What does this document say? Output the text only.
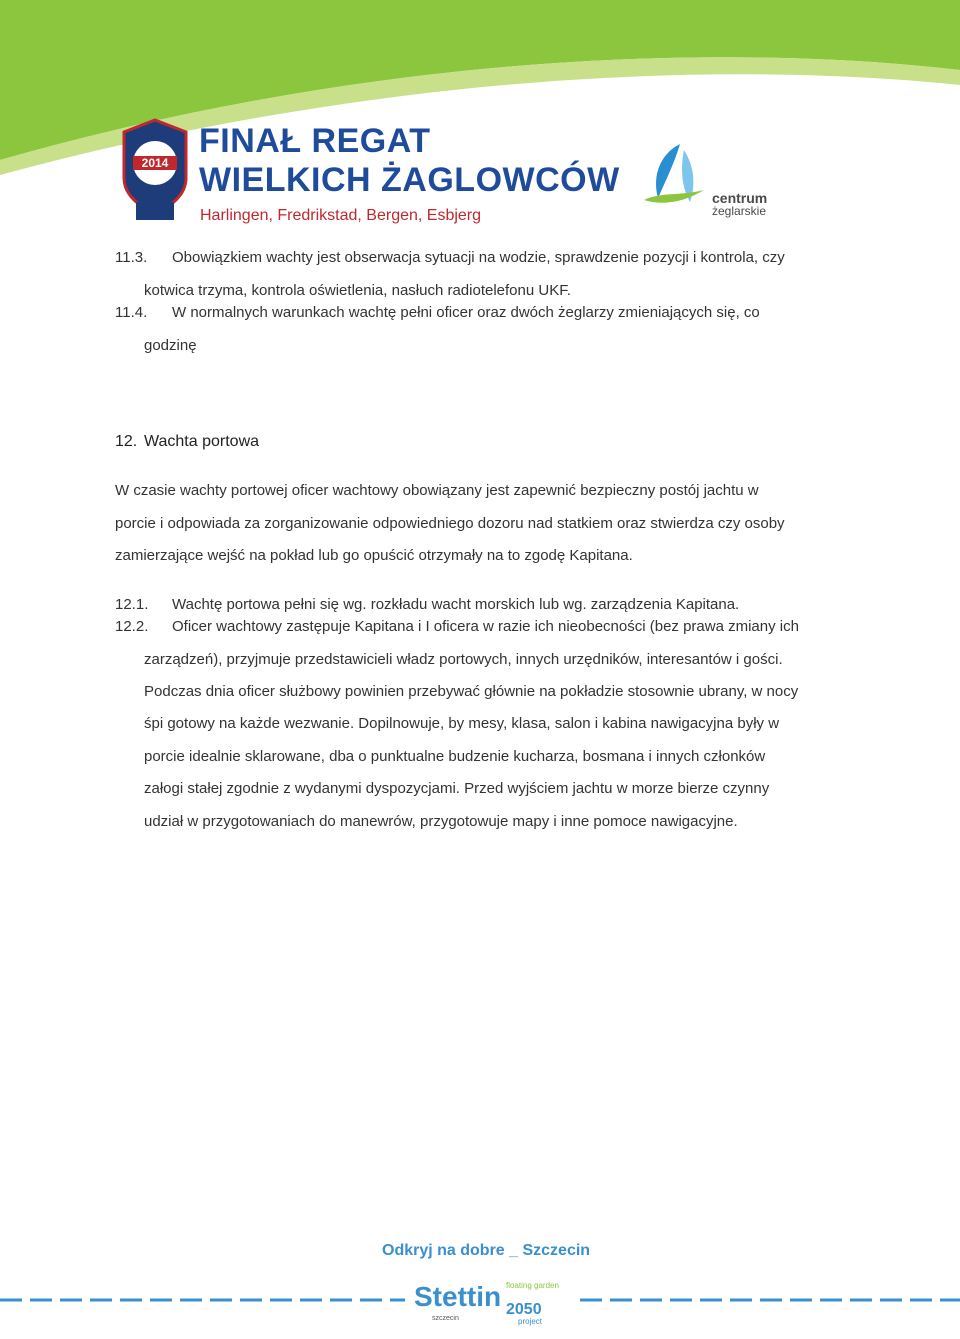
2014
FINAŁ REGAT
WIELKICH ŻAGLOWCÓW
Harlingen, Fredrikstad, Bergen, Esbjerg
centrum
żeglarskie
11.3. Obowiązkiem wachty jest obserwacja sytuacji na wodzie, sprawdzenie pozycji i kontrola, czy
kotwica trzyma, kontrola oświetlenia, nasłuch radiotelefonu UKF.
11.4. W normalnych warunkach wachtę pełni oficer oraz dwóch żeglarzy zmieniających się, co
godzinę
12. Wachta portowa
W czasie wachty portowej oficer wachtowy obowiązany jest zapewnić bezpieczny postój jachtu w
porcie i odpowiada za zorganizowanie odpowiedniego dozoru nad statkiem oraz stwierdza czy osoby
zamierzające wejść na pokład lub go opuścić otrzymały na to zgodę Kapitana.
12.1. Wachtę portowa pełni się wg. rozkładu wacht morskich lub wg. zarządzenia Kapitana.
12.2. Oficer wachtowy zastępuje Kapitana i I oficera w razie ich nieobecności (bez prawa zmiany ich
zarządzeń), przyjmuje przedstawicieli władz portowych, innych urzędników, interesantów i gości.
Podczas dnia oficer służbowy powinien przebywać głównie na pokładzie stosownie ubrany, w nocy
śpi gotowy na każde wezwanie. Dopilnowuje, by mesy, klasa, salon i kabina nawigacyjna były w
porcie idealnie sklarowane, dba o punktualne budzenie kucharza, bosmana i innych członków
załogi stałej zgodnie z wydanymi dyspozycjami. Przed wyjściem jachtu w morze bierze czynny
udział w przygotowaniach do manewrów, przygotowuje mapy i inne pomoce nawigacyjne.
Odkryj na dobre _ Szczecin
Stettin 2050
floating garden
project
szczecin
